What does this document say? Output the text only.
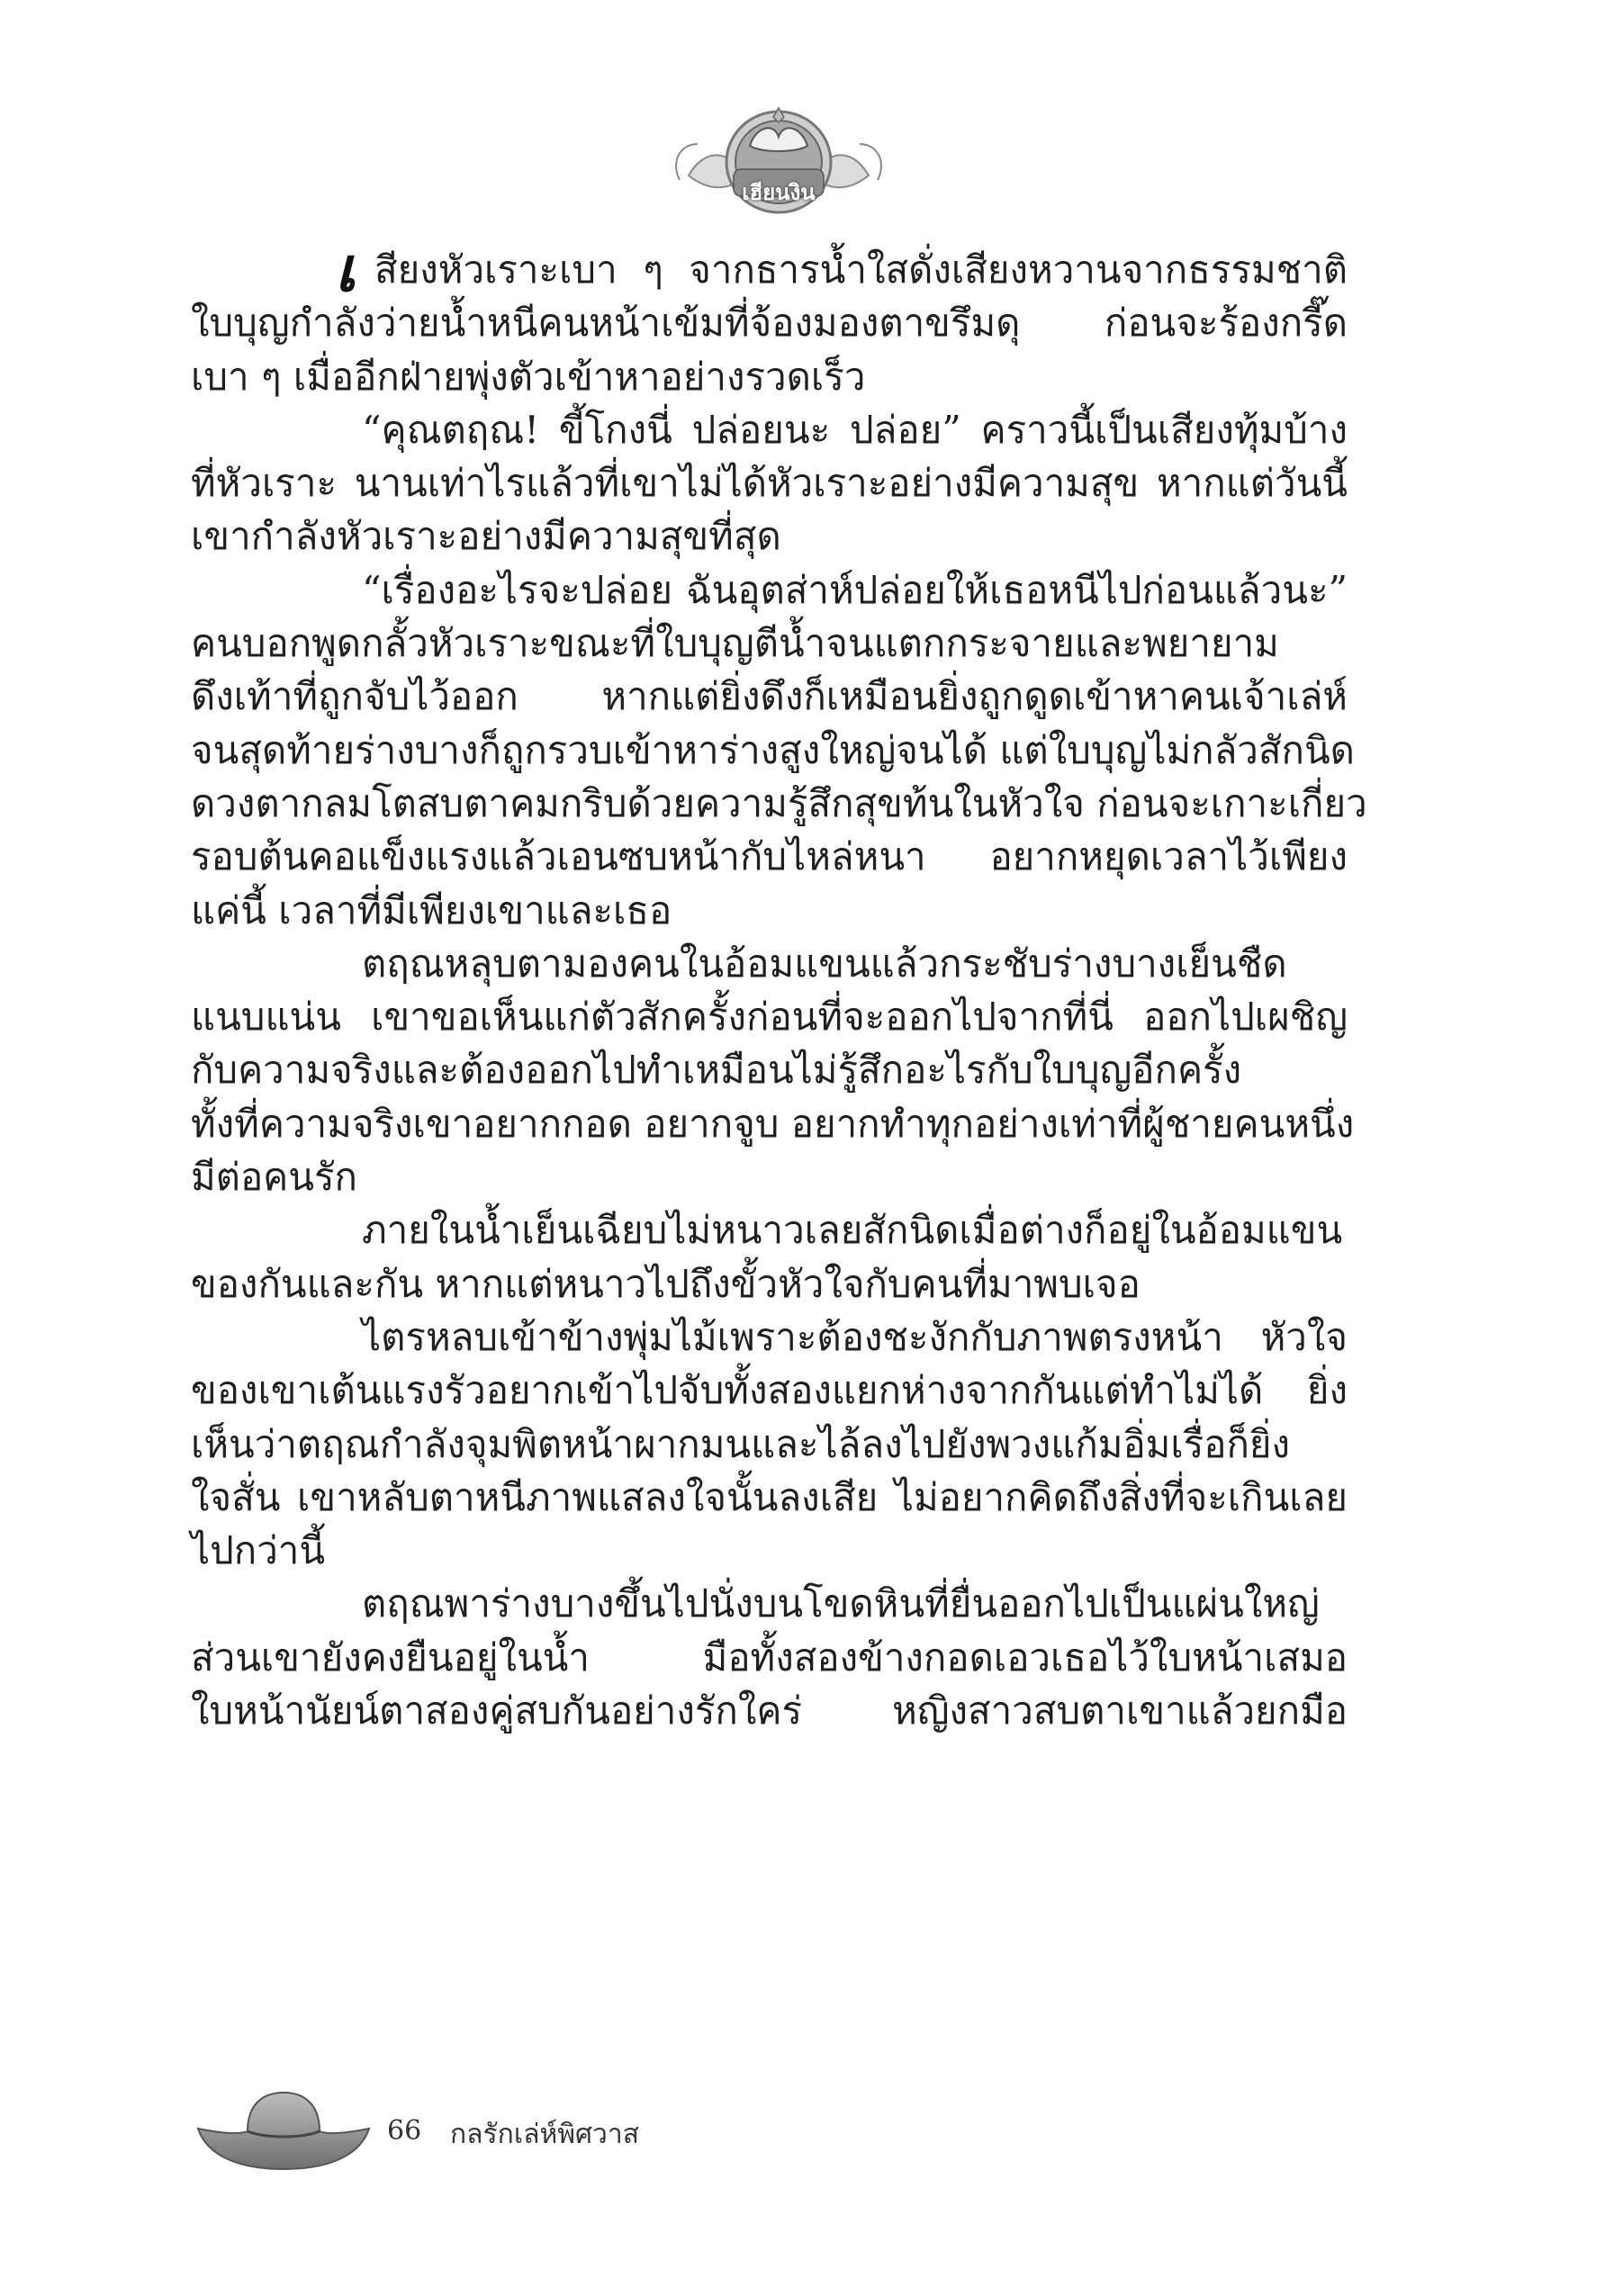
เฮียนงิน
เ สียงหัวเราะเบา ๆ จากธารน้ำใสดั่งเสียงหวานจากธรรมชาติ
ใบบุญกำลังว่ายน้ำหนีคนหน้าเข้มที่จ้องมองตาขรึมดุ ก่อนจะร้องกรี๊ด
เบา ๆ เมื่ออีกฝ่ายพุ่งตัวเข้าหาอย่างรวดเร็ว
“คุณตฤณ! ขี้โกงนี่ ปล่อยนะ ปล่อย” คราวนี้เป็นเสียงทุ้มบ้าง
ที่หัวเราะ นานเท่าไรแล้วที่เขาไม่ได้หัวเราะอย่างมีความสุข หากแต่วันนี้
เขากำลังหัวเราะอย่างมีความสุขที่สุด
“เรื่องอะไรจะปล่อย ฉันอุตส่าห์ปล่อยให้เธอหนีไปก่อนแล้วนะ”
คนบอกพูดกลั้วหัวเราะขณะที่ใบบุญตีน้ำจนแตกกระจายและพยายาม
ดึงเท้าที่ถูกจับไว้ออก หากแต่ยิ่งดึงก็เหมือนยิ่งถูกดูดเข้าหาคนเจ้าเล่ห์
จนสุดท้ายร่างบางก็ถูกรวบเข้าหาร่างสูงใหญ่จนได้ แต่ใบบุญไม่กลัวสักนิด
ดวงตากลมโตสบตาคมกริบด้วยความรู้สึกสุขท้นในหัวใจ ก่อนจะเกาะเกี่ยว
รอบต้นคอแข็งแรงแล้วเอนซบหน้ากับไหล่หนา อยากหยุดเวลาไว้เพียง
แค่นี้ เวลาที่มีเพียงเขาและเธอ
ตฤณหลุบตามองคนในอ้อมแขนแล้วกระชับร่างบางเย็นชืด
แนบแน่น เขาขอเห็นแก่ตัวสักครั้งก่อนที่จะออกไปจากที่นี่ ออกไปเผชิญ
กับความจริงและต้องออกไปทำเหมือนไม่รู้สึกอะไรกับใบบุญอีกครั้ง
ทั้งที่ความจริงเขาอยากกอด อยากจูบ อยากทำทุกอย่างเท่าที่ผู้ชายคนหนึ่ง
มีต่อคนรัก
ภายในน้ำเย็นเฉียบไม่หนาวเลยสักนิดเมื่อต่างก็อยู่ในอ้อมแขน
ของกันและกัน หากแต่หนาวไปถึงขั้วหัวใจกับคนที่มาพบเจอ
ไตรหลบเข้าข้างพุ่มไม้เพราะต้องชะงักกับภาพตรงหน้า หัวใจ
ของเขาเต้นแรงรัวอยากเข้าไปจับทั้งสองแยกห่างจากกันแต่ทำไม่ได้ ยิ่ง
เห็นว่าตฤณกำลังจุมพิตหน้าผากมนและไล้ลงไปยังพวงแก้มอิ่มเรื่อก็ยิ่ง
ใจสั่น เขาหลับตาหนีภาพแสลงใจนั้นลงเสีย ไม่อยากคิดถึงสิ่งที่จะเกินเลย
ไปกว่านี้
ตฤณพาร่างบางขึ้นไปนั่งบนโขดหินที่ยื่นออกไปเป็นแผ่นใหญ่
ส่วนเขายังคงยืนอยู่ในน้ำ มือทั้งสองข้างกอดเอวเธอไว้ใบหน้าเสมอ
ใบหน้านัยน์ตาสองคู่สบกันอย่างรักใคร่ หญิงสาวสบตาเขาแล้วยกมือ
66 กลรักเล่ห์พิศวาส
